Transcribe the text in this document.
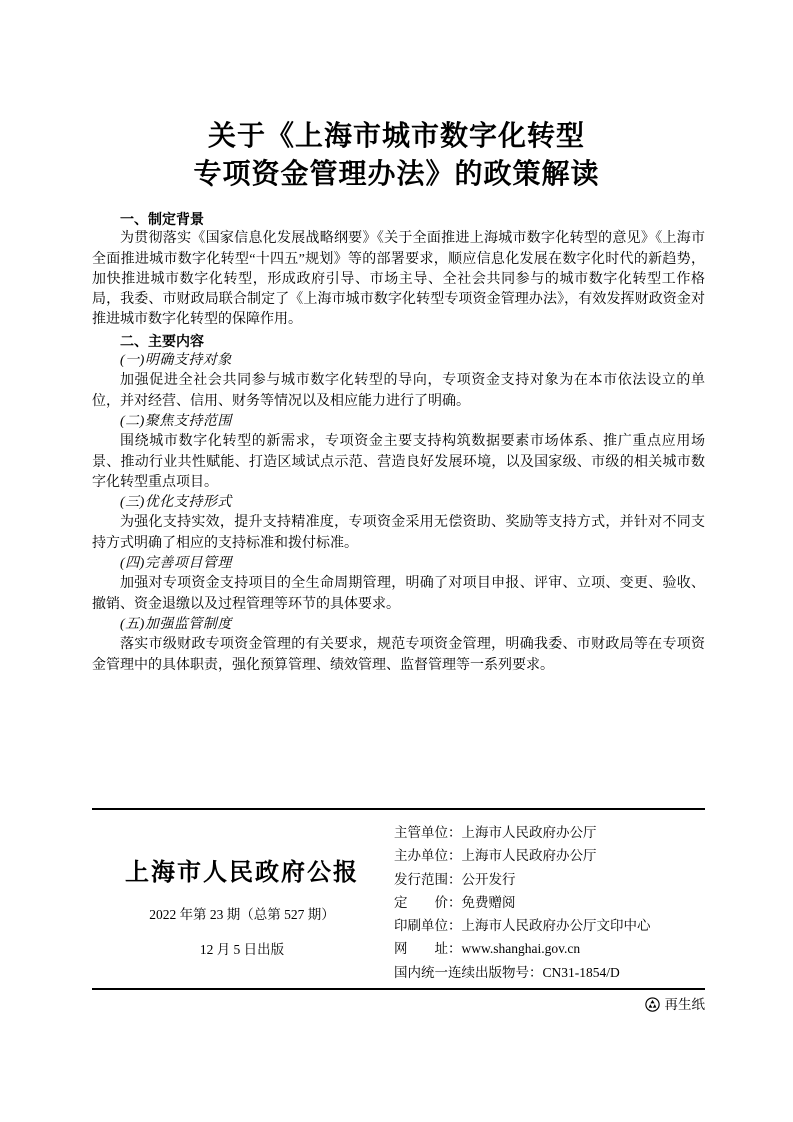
关于《上海市城市数字化转型
专项资金管理办法》的政策解读

一、制定背景

为贯彻落实《国家信息化发展战略纲要》《关于全面推进上海城市数字化转型的意见》《上海市全面推进城市数字化转型“十四五”规划》等的部署要求，顺应信息化发展在数字化时代的新趋势，加快推进城市数字化转型，形成政府引导、市场主导、全社会共同参与的城市数字化转型工作格局，我委、市财政局联合制定了《上海市城市数字化转型专项资金管理办法》，有效发挥财政资金对推进城市数字化转型的保障作用。

二、主要内容

(一)明确支持对象

加强促进全社会共同参与城市数字化转型的导向，专项资金支持对象为在本市依法设立的单位，并对经营、信用、财务等情况以及相应能力进行了明确。

(二)聚焦支持范围

围绕城市数字化转型的新需求，专项资金主要支持构筑数据要素市场体系、推广重点应用场景、推动行业共性赋能、打造区域试点示范、营造良好发展环境，以及国家级、市级的相关城市数字化转型重点项目。

(三)优化支持形式

为强化支持实效，提升支持精准度，专项资金采用无偿资助、奖励等支持方式，并针对不同支持方式明确了相应的支持标准和拨付标准。

(四)完善项目管理

加强对专项资金支持项目的全生命周期管理，明确了对项目申报、评审、立项、变更、验收、撤销、资金退缴以及过程管理等环节的具体要求。

(五)加强监管制度

落实市级财政专项资金管理的有关要求，规范专项资金管理，明确我委、市财政局等在专项资金管理中的具体职责，强化预算管理、绩效管理、监督管理等一系列要求。

上海市人民政府公报
2022 年第 23 期（总第 527 期）
12 月 5 日出版
主管单位：上海市人民政府办公厅
主办单位：上海市人民政府办公厅
发行范围：公开发行
定　　价：免费赠阅
印刷单位：上海市人民政府办公厅文印中心
网　　址：www.shanghai.gov.cn
国内统一连续出版物号：CN31-1854/D
再生纸
